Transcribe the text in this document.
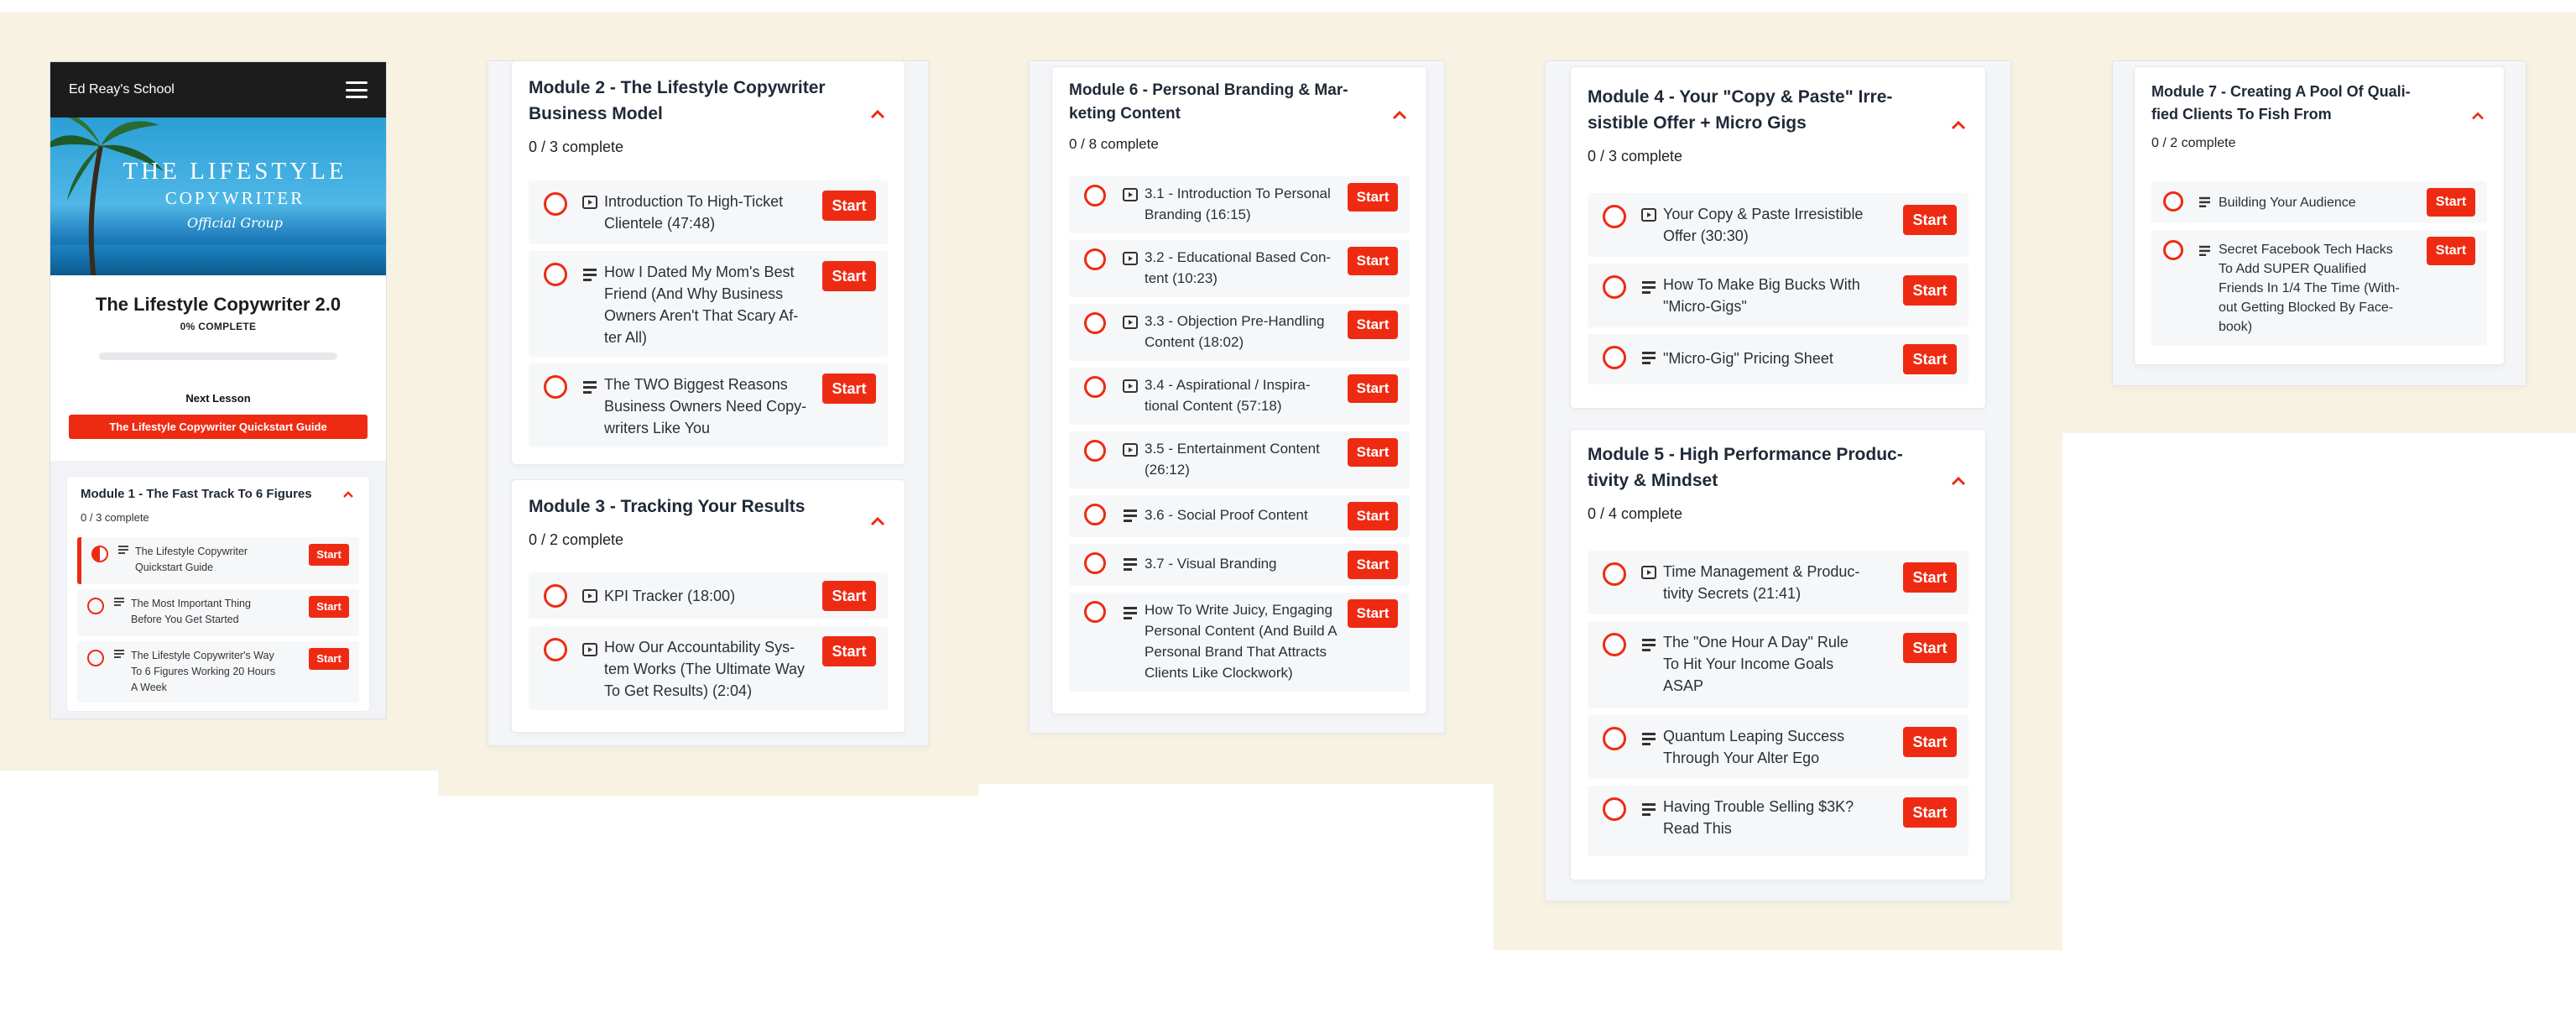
Ed Reay's School
THE LIFESTYLE
COPYWRITER
Official Group
The Lifestyle Copywriter 2.0
0% COMPLETE
Next Lesson
The Lifestyle Copywriter Quickstart Guide
Module 1 - The Fast Track To 6 Figures
0 / 3 complete
The Lifestyle Copywriter Quickstart Guide
Start
The Most Important Thing Before You Get Started
Start
The Lifestyle Copywriter's Way To 6 Figures Working 20 Hours A Week
Start
Module 2 - The Lifestyle Copywriter
Business Model
0 / 3 complete
Introduction To High-Ticket
Clientele (47:48)
Start
How I Dated My Mom's Best
Friend (And Why Business
Owners Aren't That Scary Af-
ter All)
Start
The TWO Biggest Reasons
Business Owners Need Copy-
writers Like You
Start
Module 3 - Tracking Your Results
0 / 2 complete
KPI Tracker (18:00)	Start
How Our Accountability Sys-
tem Works (The Ultimate Way
To Get Results) (2:04)
Start
Module 6 - Personal Branding & Mar-
keting Content
0 / 8 complete
3.1 - Introduction To Personal
Branding (16:15)
Start
3.2 - Educational Based Con-
tent (10:23)
Start
3.3 - Objection Pre-Handling
Content (18:02)
Start
3.4 - Aspirational / Inspira-
tional Content (57:18)
Start
3.5 - Entertainment Content
(26:12)
Start
3.6 - Social Proof Content	Start
3.7 - Visual Branding	Start
How To Write Juicy, Engaging
Personal Content (And Build A
Personal Brand That Attracts
Clients Like Clockwork)
Start
Module 4 - Your "Copy & Paste" Irre-
sistible Offer + Micro Gigs
0 / 3 complete
Your Copy & Paste Irresistible
Offer (30:30)
Start
How To Make Big Bucks With
"Micro-Gigs"
Start
"Micro-Gig" Pricing Sheet	Start
Module 5 - High Performance Produc-
tivity & Mindset
0 / 4 complete
Time Management & Produc-
tivity Secrets (21:41)
Start
The "One Hour A Day" Rule
To Hit Your Income Goals
ASAP
Start
Quantum Leaping Success
Through Your Alter Ego
Start
Having Trouble Selling $3K?
Read This
Start
Module 7 - Creating A Pool Of Quali-
fied Clients To Fish From
0 / 2 complete
Building Your Audience	Start
Secret Facebook Tech Hacks
To Add SUPER Qualified
Friends In 1/4 The Time (With-
out Getting Blocked By Face-
book)
Start
